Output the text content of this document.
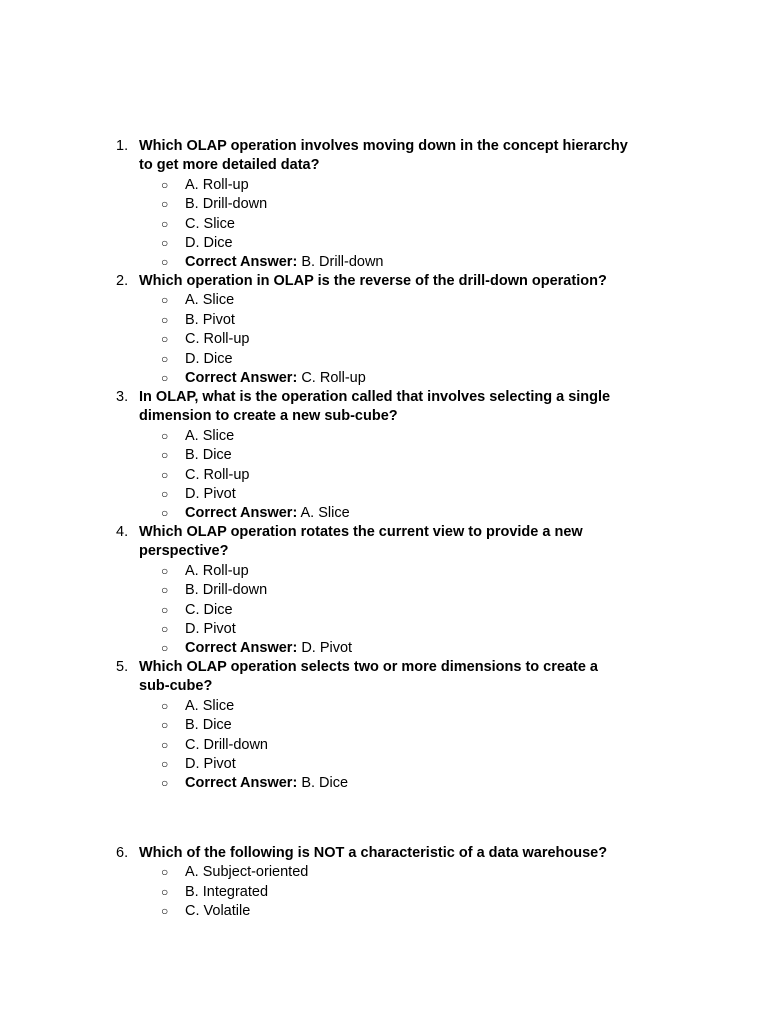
1. Which OLAP operation involves moving down in the concept hierarchy
to get more detailed data?
○ A. Roll-up
○ B. Drill-down
○ C. Slice
○ D. Dice
○ Correct Answer: B. Drill-down
2. Which operation in OLAP is the reverse of the drill-down operation?
○ A. Slice
○ B. Pivot
○ C. Roll-up
○ D. Dice
○ Correct Answer: C. Roll-up
3. In OLAP, what is the operation called that involves selecting a single
dimension to create a new sub-cube?
○ A. Slice
○ B. Dice
○ C. Roll-up
○ D. Pivot
○ Correct Answer: A. Slice
4. Which OLAP operation rotates the current view to provide a new
perspective?
○ A. Roll-up
○ B. Drill-down
○ C. Dice
○ D. Pivot
○ Correct Answer: D. Pivot
5. Which OLAP operation selects two or more dimensions to create a
sub-cube?
○ A. Slice
○ B. Dice
○ C. Drill-down
○ D. Pivot
○ Correct Answer: B. Dice
6. Which of the following is NOT a characteristic of a data warehouse?
○ A. Subject-oriented
○ B. Integrated
○ C. Volatile
